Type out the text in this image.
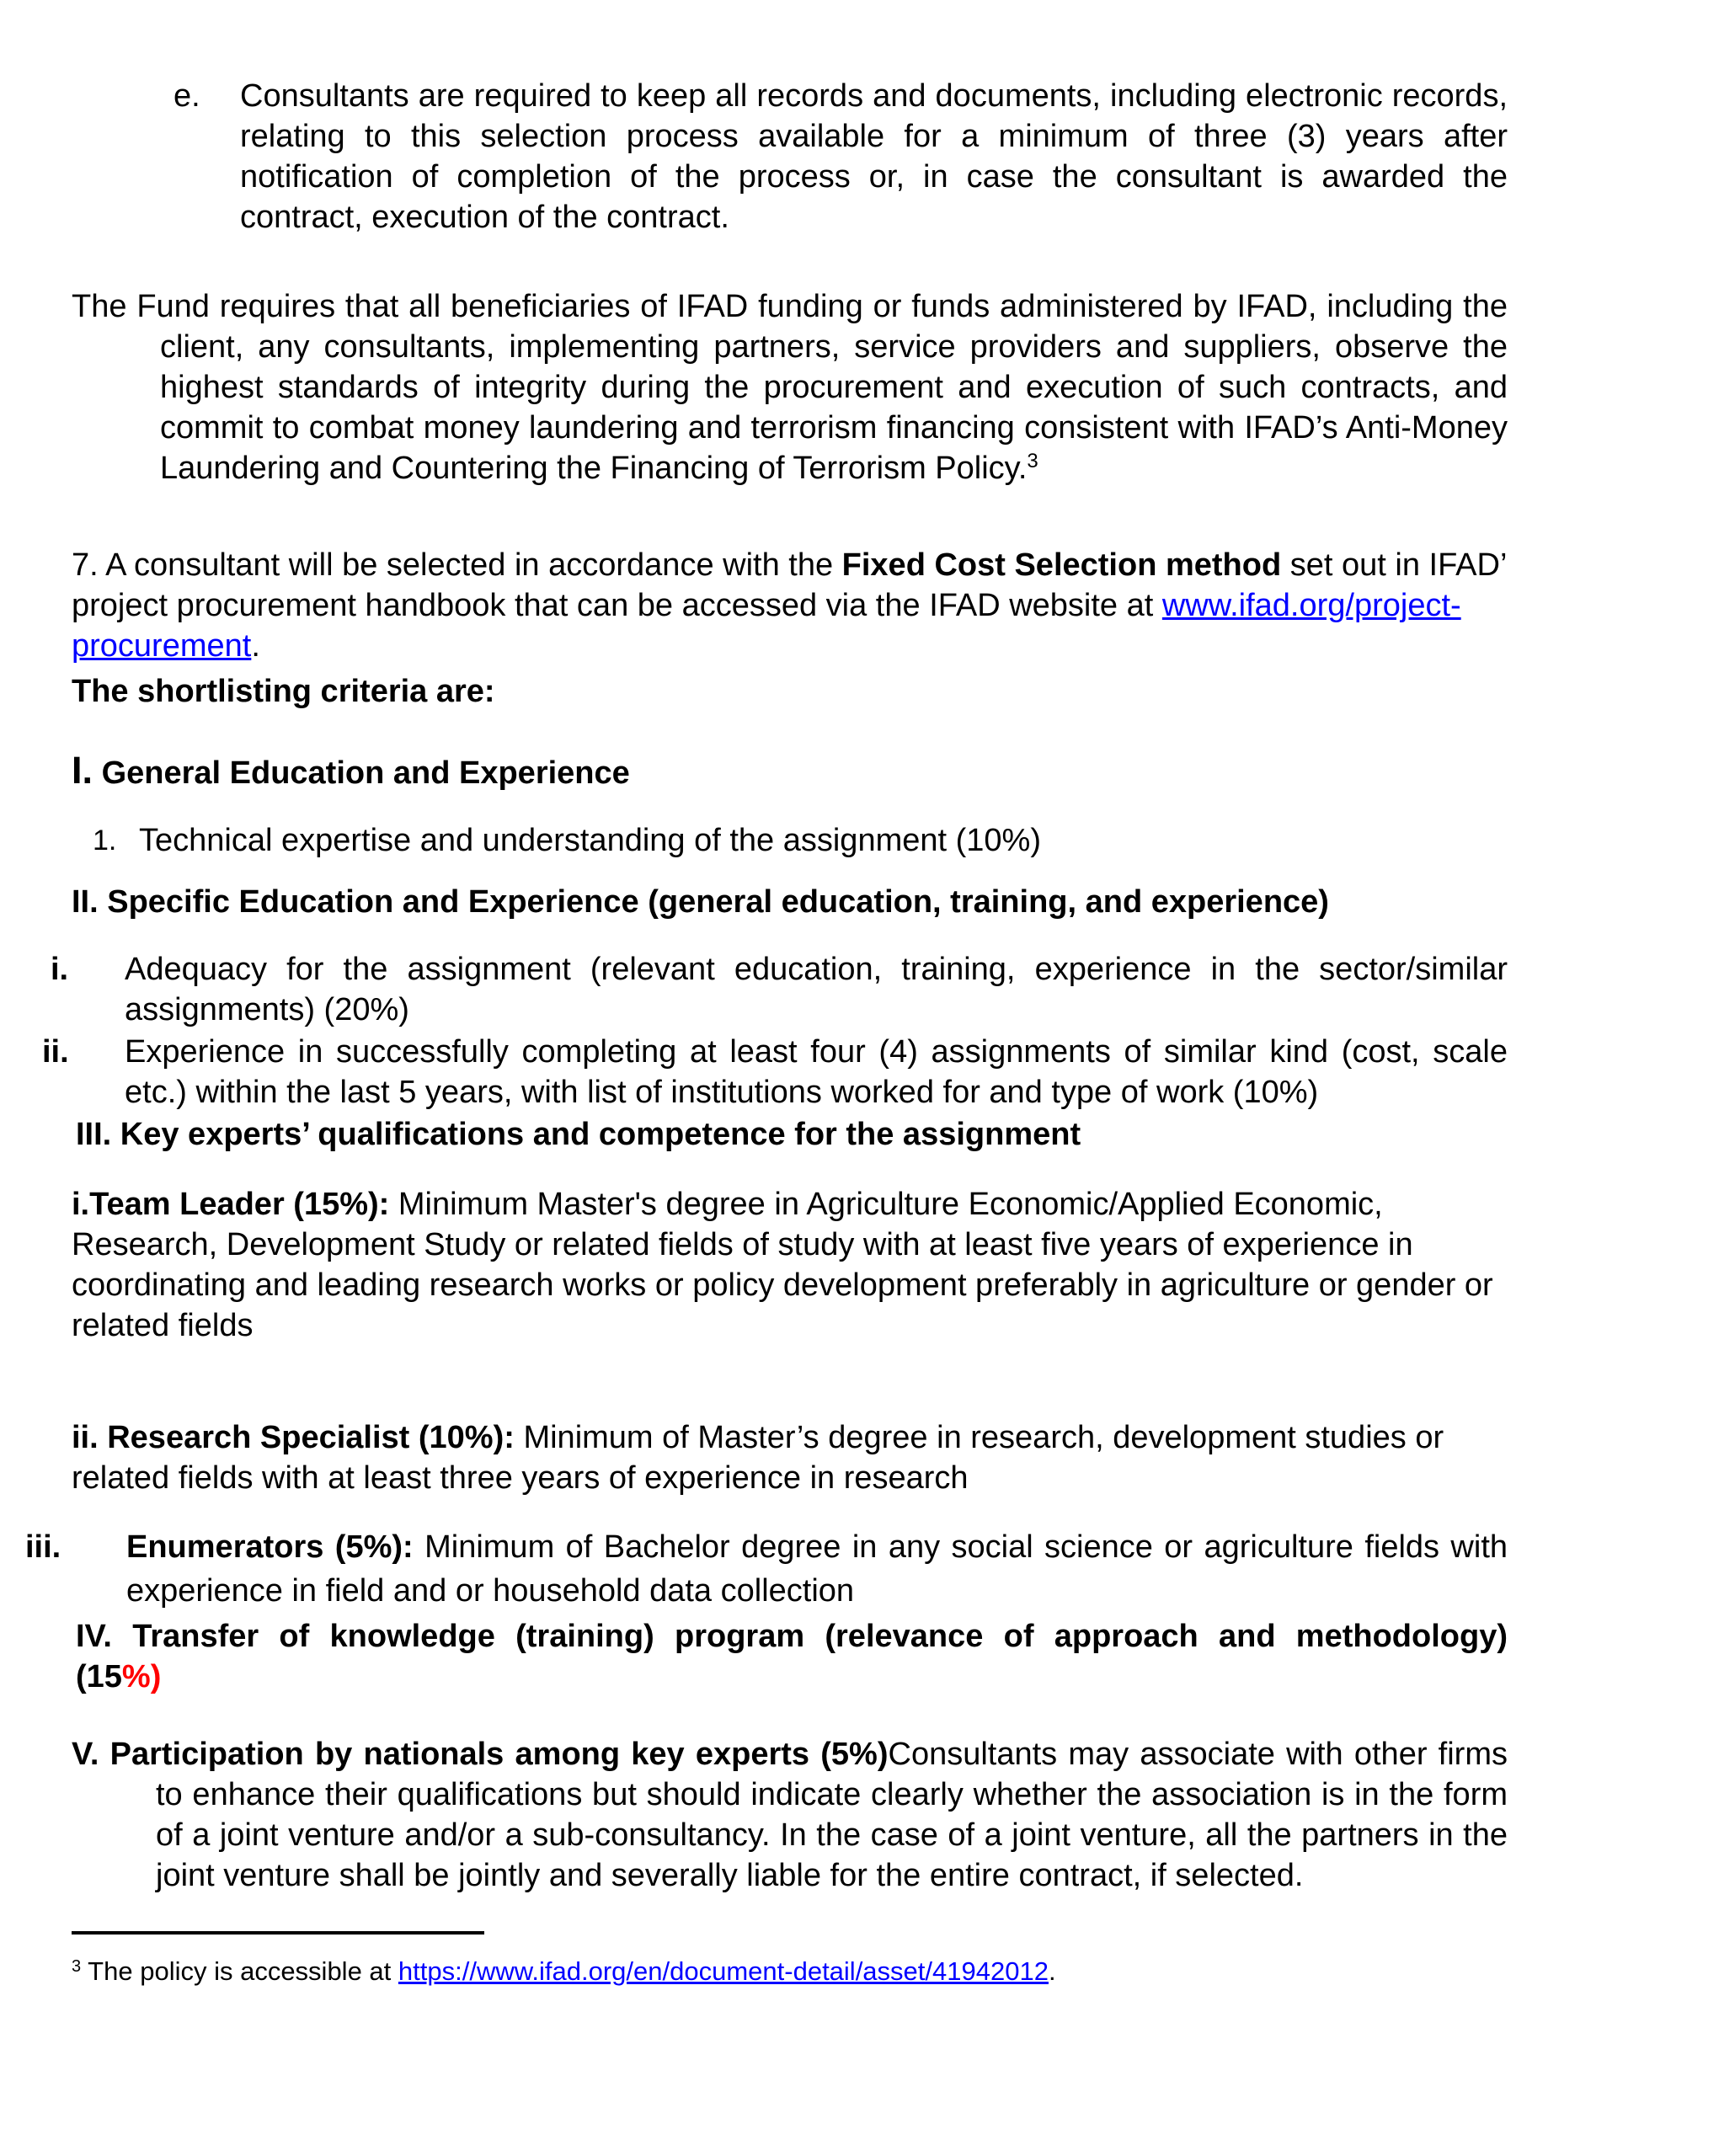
e.	Consultants are required to keep all records and documents, including electronic records, relating to this selection process available for a minimum of three (3) years after notification of completion of the process or, in case the consultant is awarded the contract, execution of the contract.
The Fund requires that all beneficiaries of IFAD funding or funds administered by IFAD, including the client, any consultants, implementing partners, service providers and suppliers, observe the highest standards of integrity during the procurement and execution of such contracts, and commit to combat money laundering and terrorism financing consistent with IFAD’s Anti-Money Laundering and Countering the Financing of Terrorism Policy.$^3$
7. A consultant will be selected in accordance with the Fixed Cost Selection method set out in IFAD’ project procurement handbook that can be accessed via the IFAD website at www.ifad.org/project-procurement.
The shortlisting criteria are:
I. General Education and Experience
1. Technical expertise and understanding of the assignment (10%)
II. Specific Education and Experience (general education, training, and experience)
i.	Adequacy for the assignment (relevant education, training, experience in the sector/similar assignments) (20%)
ii.	Experience in successfully completing at least four (4) assignments of similar kind (cost, scale etc.) within the last 5 years, with list of institutions worked for and type of work (10%)
III. Key experts’ qualifications and competence for the assignment
i.Team Leader (15%): Minimum Master's degree in Agriculture Economic/Applied Economic, Research, Development Study or related fields of study with at least five years of experience in coordinating and leading research works or policy development preferably in agriculture or gender or related fields
ii. Research Specialist (10%): Minimum of Master’s degree in research, development studies or related fields with at least three years of experience in research
iii.	Enumerators (5%): Minimum of Bachelor degree in any social science or agriculture fields with experience in field and or household data collection
IV. Transfer of knowledge (training) program (relevance of approach and methodology)
(15%)
V. Participation by nationals among key experts (5%)Consultants may associate with other firms to enhance their qualifications but should indicate clearly whether the association is in the form of a joint venture and/or a sub-consultancy. In the case of a joint venture, all the partners in the joint venture shall be jointly and severally liable for the entire contract, if selected.
$^3$ The policy is accessible at https://www.ifad.org/en/document-detail/asset/41942012.
